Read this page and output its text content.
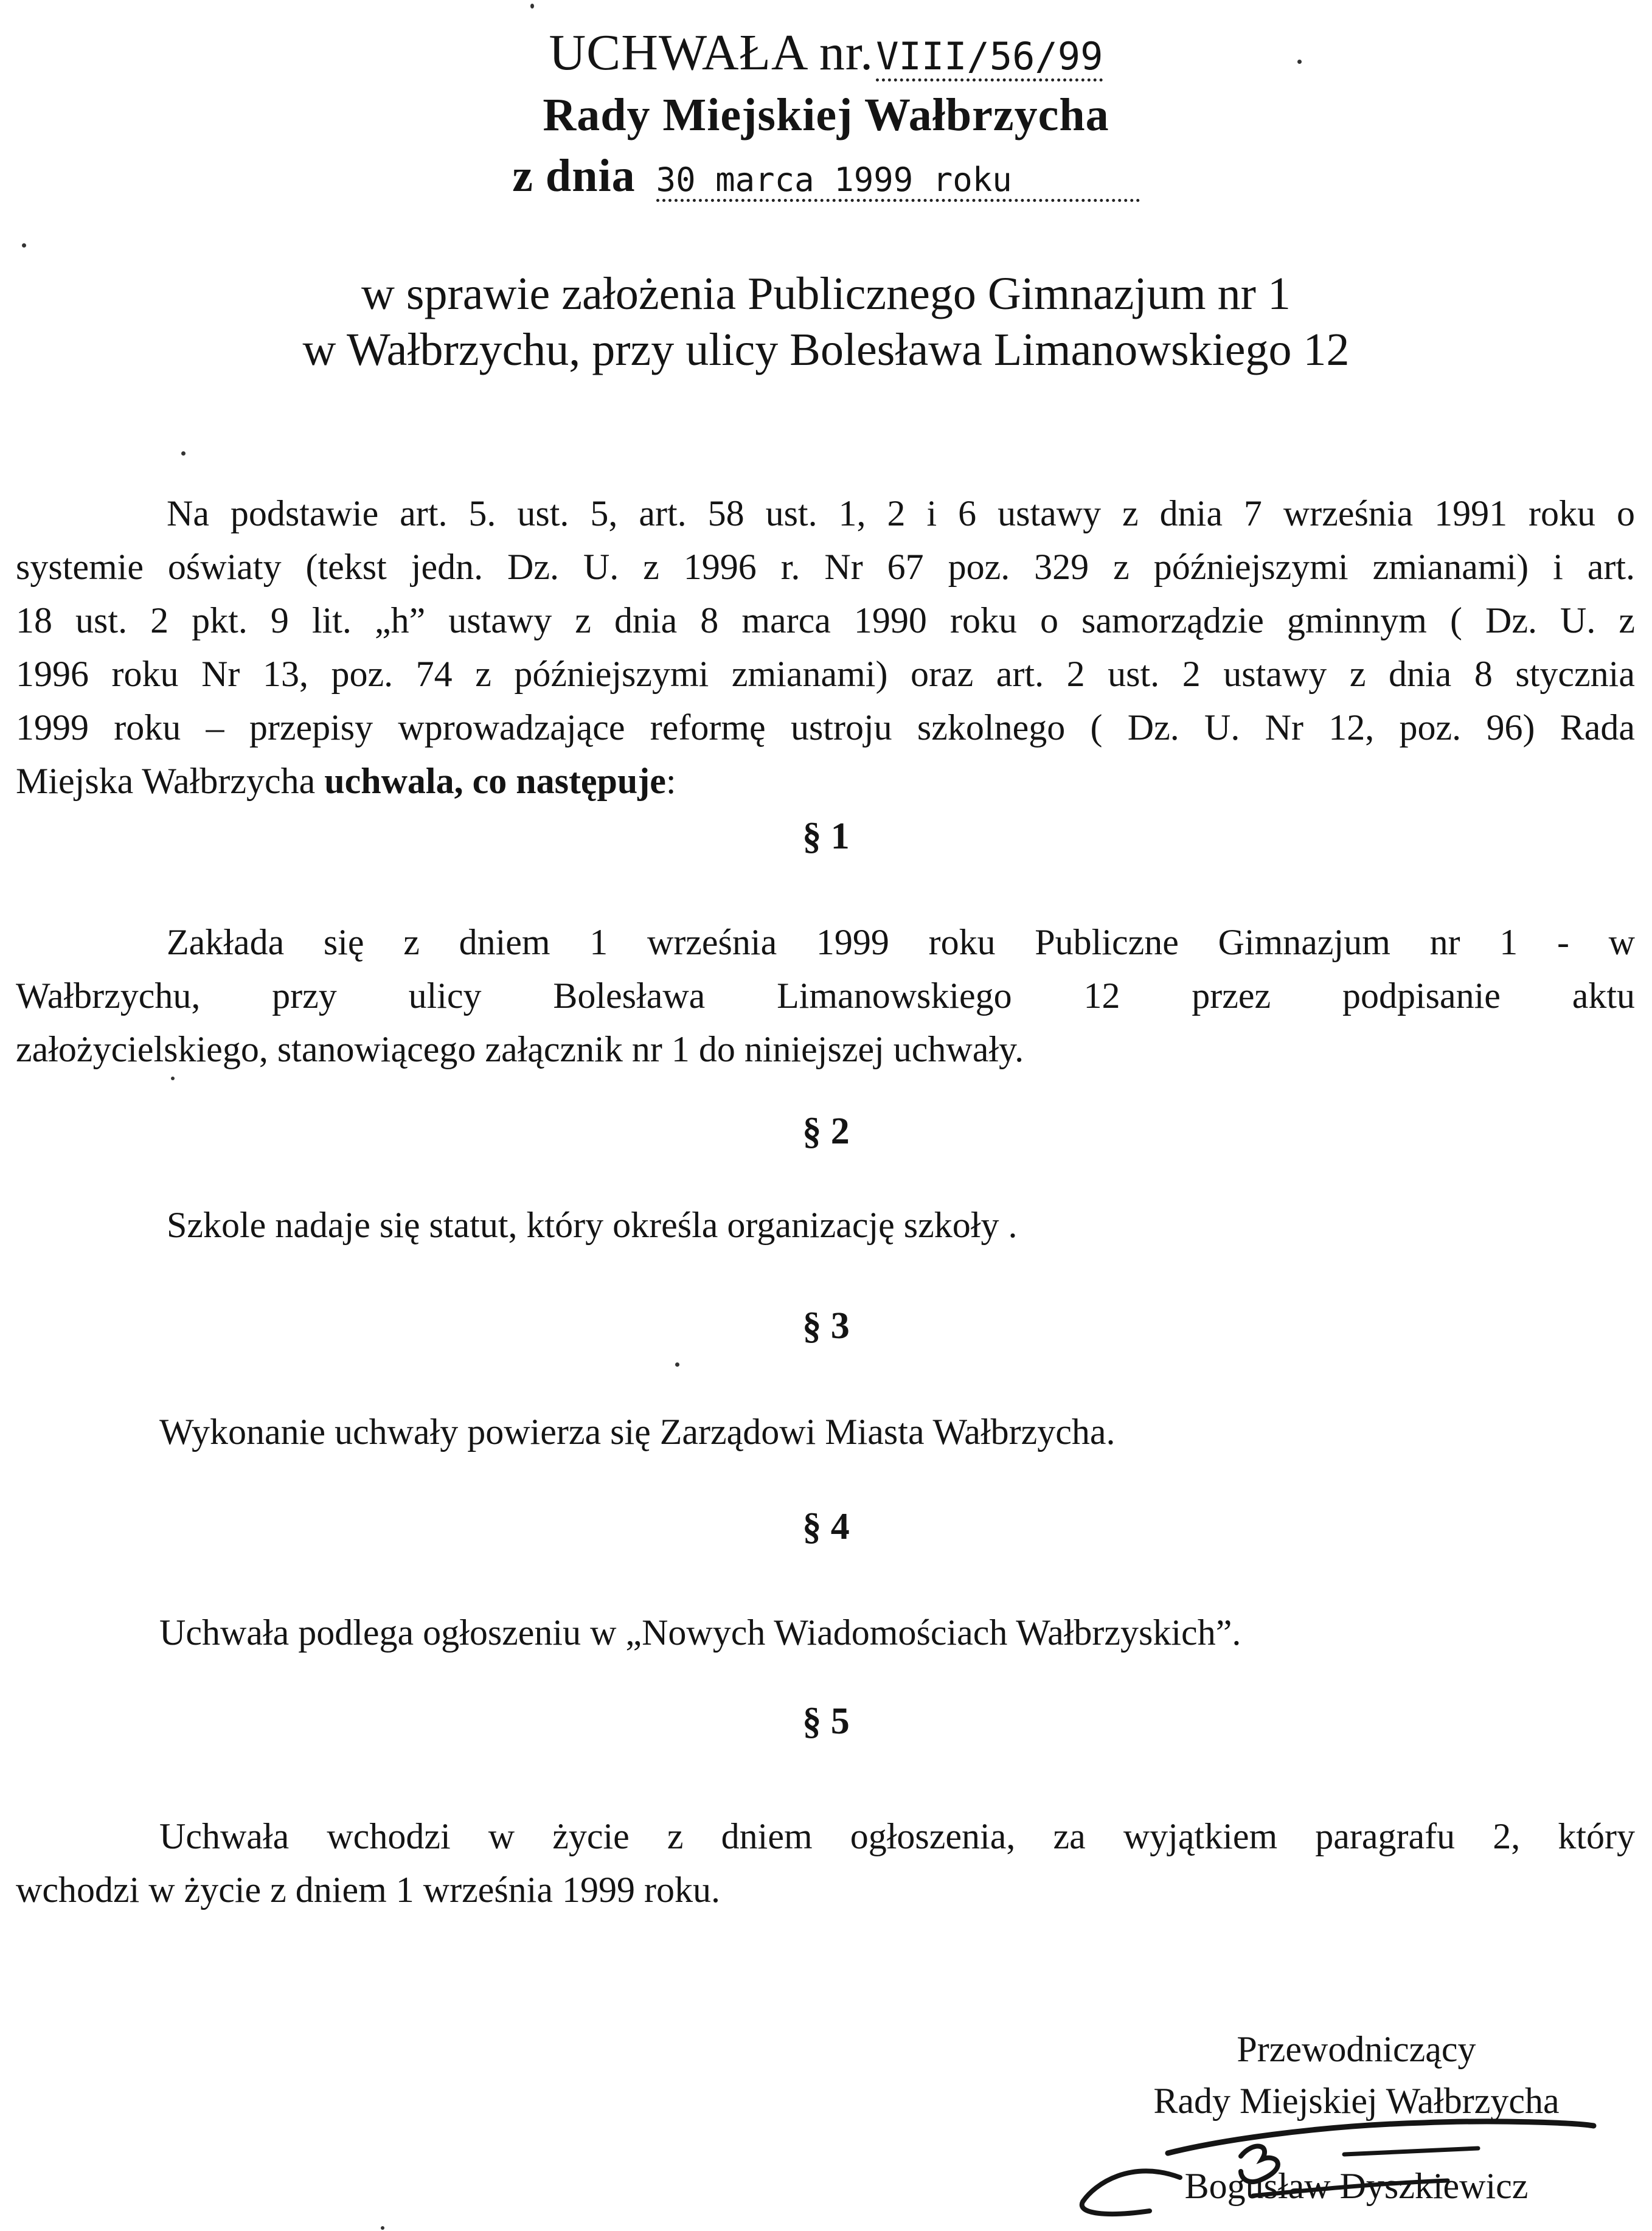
UCHWAŁA nr.VIII/56/99
Rady Miejskiej Wałbrzycha
z dnia 30 marca 1999 roku
w sprawie założenia Publicznego Gimnazjum nr 1
w Wałbrzychu, przy ulicy Bolesława Limanowskiego 12
Na podstawie art. 5. ust. 5, art. 58 ust. 1, 2 i 6 ustawy z dnia 7 września 1991 roku o
systemie oświaty (tekst jedn. Dz. U. z 1996 r. Nr 67 poz. 329 z późniejszymi zmianami) i art.
18 ust. 2 pkt. 9 lit. „h” ustawy z dnia 8 marca 1990 roku o samorządzie gminnym ( Dz. U. z
1996 roku Nr 13, poz. 74 z późniejszymi zmianami) oraz art. 2 ust. 2 ustawy z dnia 8 stycznia
1999 roku – przepisy wprowadzające reformę ustroju szkolnego ( Dz. U. Nr 12, poz. 96) Rada
Miejska Wałbrzycha uchwala, co następuje:
§ 1
Zakłada się z dniem 1 września 1999 roku Publiczne Gimnazjum nr 1 ‐ w
Wałbrzychu, przy ulicy Bolesława Limanowskiego 12 przez podpisanie aktu
założycielskiego, stanowiącego załącznik nr 1 do niniejszej uchwały.
§ 2
Szkole nadaje się statut, który określa organizację szkoły .
§ 3
Wykonanie uchwały powierza się Zarządowi Miasta Wałbrzycha.
§ 4
Uchwała podlega ogłoszeniu w „Nowych Wiadomościach Wałbrzyskich”.
§ 5
Uchwała wchodzi w życie z dniem ogłoszenia, za wyjątkiem paragrafu 2, który
wchodzi w życie z dniem 1 września 1999 roku.
Przewodniczący
Rady Miejskiej Wałbrzycha
Bogusław Dyszkiewicz
